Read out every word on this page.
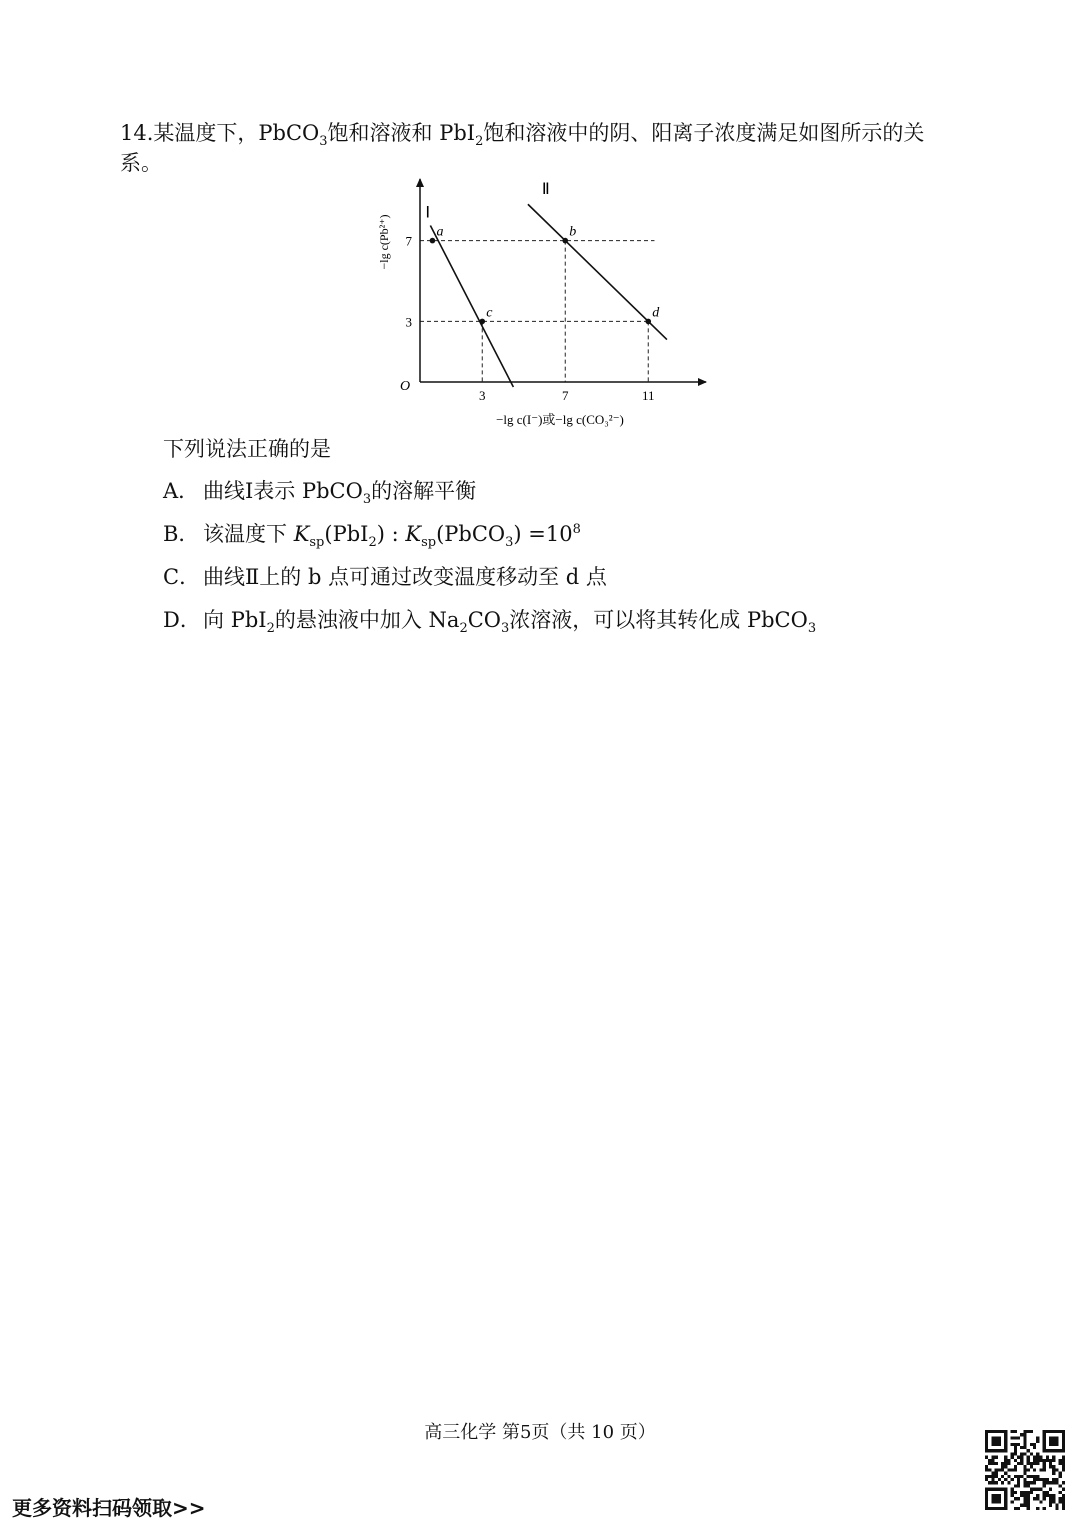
14.某温度下，PbCO$_3$饱和溶液和 PbI$_2$饱和溶液中的阴、阳离子浓度满足如图所示的关系。

Ⅰ
Ⅱ
a	b
c	d
3	7	11
3
7
O
−lg c(Pb²⁺)
−lg c(I⁻)或−lg c(CO₃²⁻)
下列说法正确的是
A． 曲线Ⅰ表示 PbCO$_3$的溶解平衡
B． 该温度下 $K_{sp}(PbI_2)$ : $K_{sp}(PbCO_3) =10^8$
C． 曲线Ⅱ上的 b 点可通过改变温度移动至 d 点
D． 向 PbI$_2$的悬浊液中加入 $Na_2CO_3$浓溶液，可以将其转化成 PbCO$_3$
高三化学 第5页（共 10 页）
更多资料扫码领取>>
